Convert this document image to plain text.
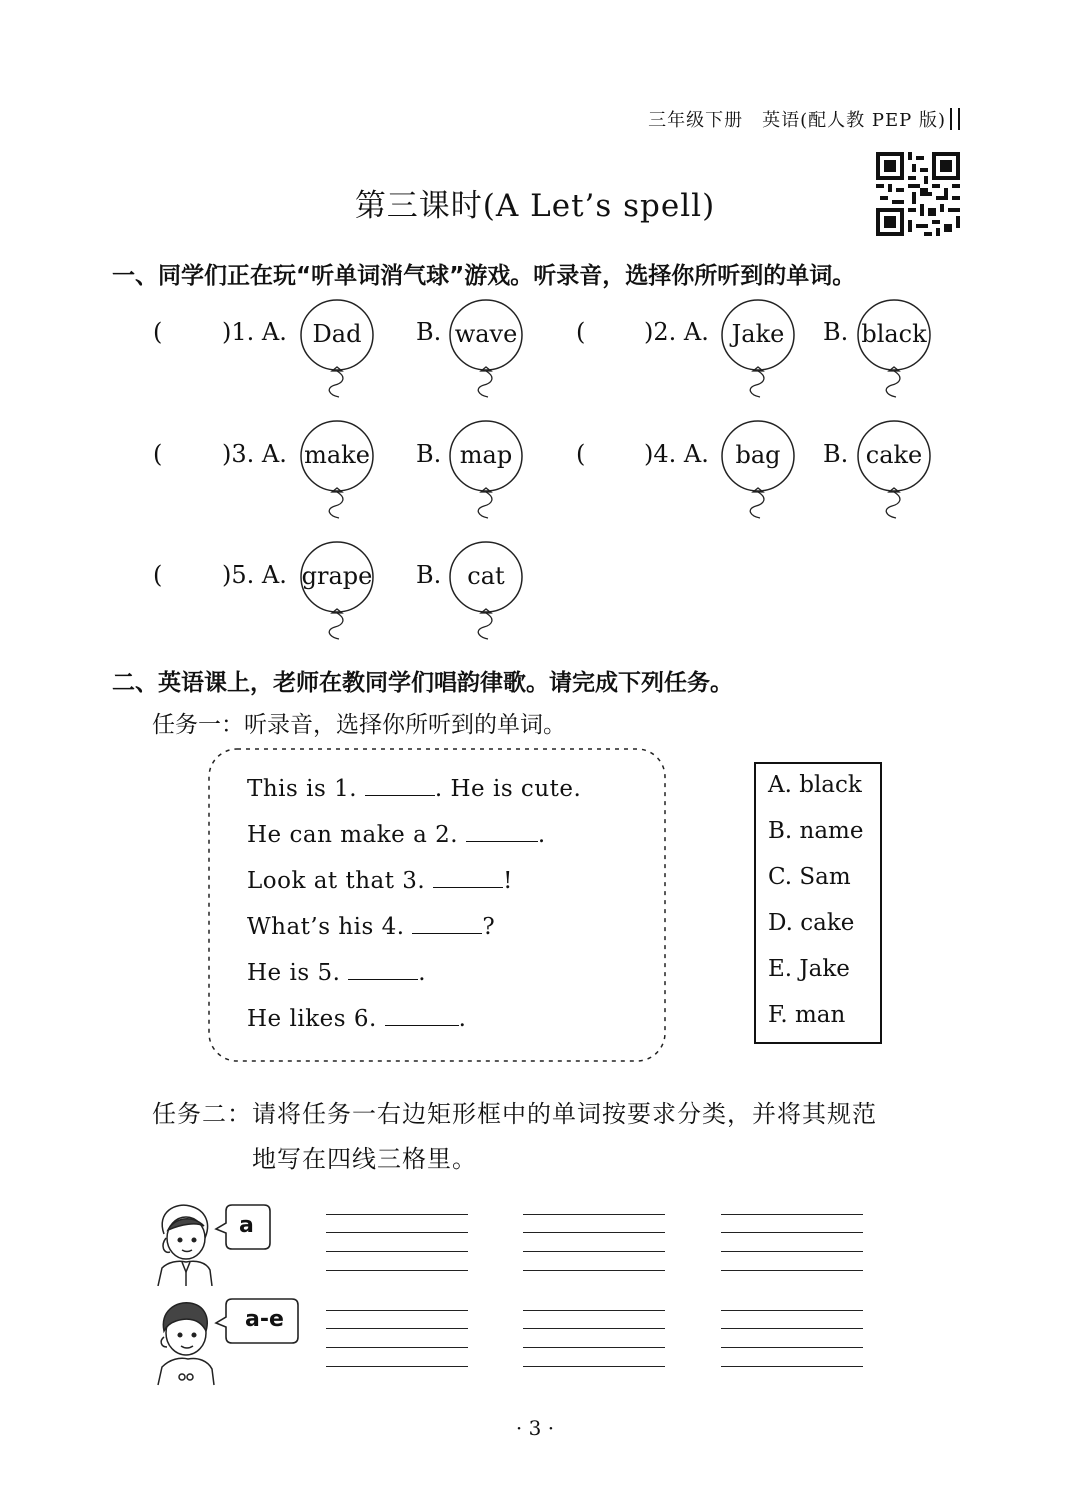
三年级下册　英语(配人教 PEP 版)
第三课时(A Let’s spell)
一、同学们正在玩“听单词消气球”游戏。听录音，选择你所听到的单词。
( )1. A.	Dad	B. wave ( )2. A. Jake	B. black
( )3. A. make B. map	( )4. A.	bag	B. cake
( )5. A. grape B.	cat
二、英语课上，老师在教同学们唱韵律歌。请完成下列任务。
任务一：听录音，选择你所听到的单词。
This is 1.	. He is cute.
He can make a 2.	.
Look at that 3.	!
What’s his 4.	?
He is 5.	.
He likes 6.	.
A. black
B. name
C. Sam
D. cake
E. Jake
F. man
任务二：请将任务一右边矩形框中的单词按要求分类，并将其规范
地写在四线三格里。
a
a-e
· 3 ·
